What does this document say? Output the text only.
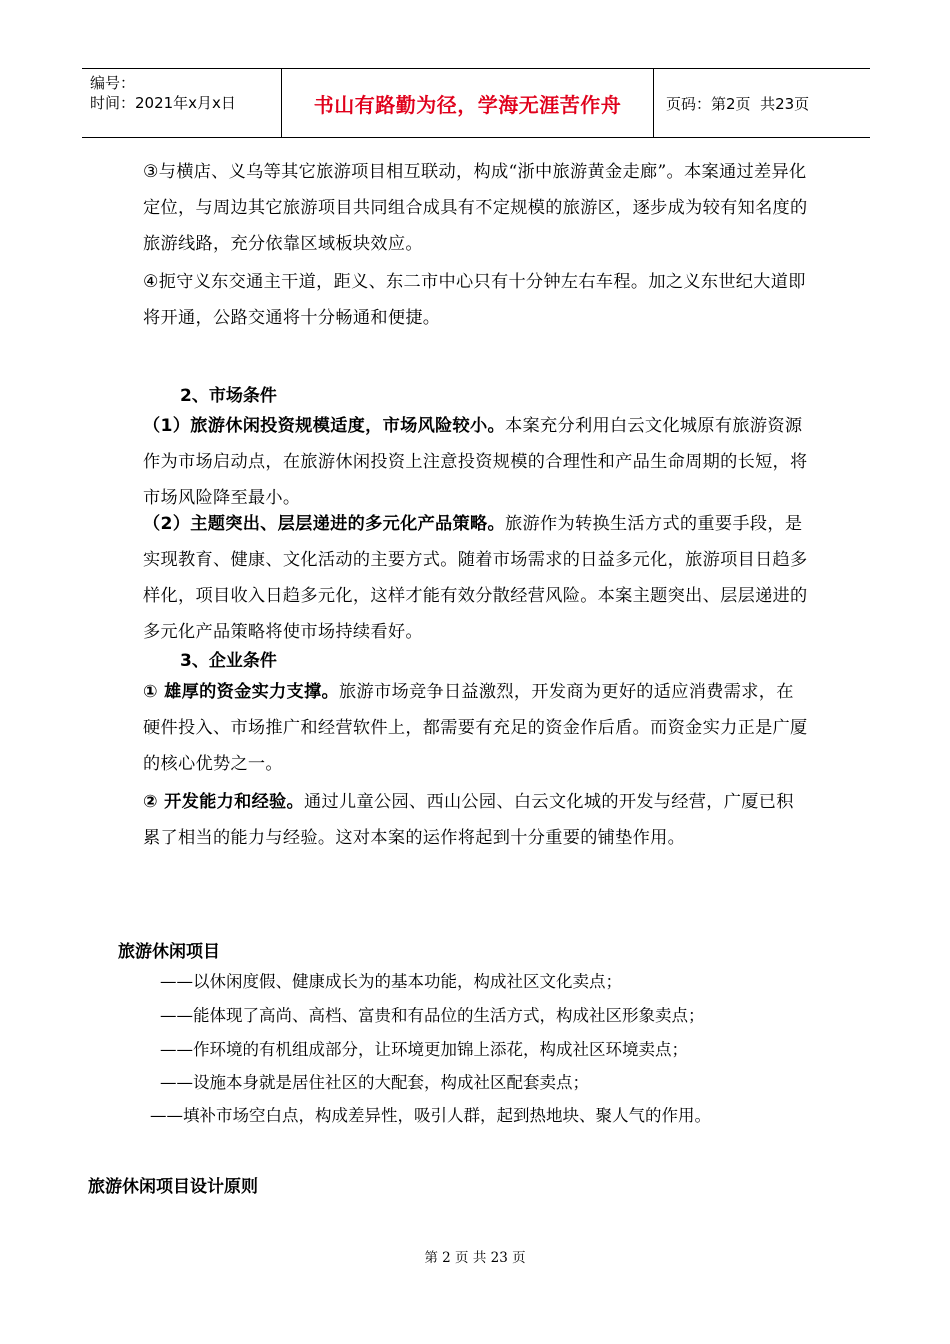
编号：
时间：2021年x月x日	书山有路勤为径，学海无涯苦作舟	页码：第2页  共23页

③与横店、义乌等其它旅游项目相互联动，构成“浙中旅游黄金走廊”。本案通过差异化定位，与周边其它旅游项目共同组合成具有不定规模的旅游区，逐步成为较有知名度的旅游线路，充分依靠区域板块效应。

④扼守义东交通主干道，距义、东二市中心只有十分钟左右车程。加之义东世纪大道即将开通，公路交通将十分畅通和便捷。

2、市场条件

（1）旅游休闲投资规模适度，市场风险较小。本案充分利用白云文化城原有旅游资源作为市场启动点，在旅游休闲投资上注意投资规模的合理性和产品生命周期的长短，将市场风险降至最小。

（2）主题突出、层层递进的多元化产品策略。旅游作为转换生活方式的重要手段，是实现教育、健康、文化活动的主要方式。随着市场需求的日益多元化，旅游项目日趋多样化，项目收入日趋多元化，这样才能有效分散经营风险。本案主题突出、层层递进的多元化产品策略将使市场持续看好。

3、企业条件

① 雄厚的资金实力支撑。旅游市场竞争日益激烈，开发商为更好的适应消费需求，在硬件投入、市场推广和经营软件上，都需要有充足的资金作后盾。而资金实力正是广厦的核心优势之一。

② 开发能力和经验。通过儿童公园、西山公园、白云文化城的开发与经营，广厦已积累了相当的能力与经验。这对本案的运作将起到十分重要的铺垫作用。

旅游休闲项目

——以休闲度假、健康成长为的基本功能，构成社区文化卖点；

——能体现了高尚、高档、富贵和有品位的生活方式，构成社区形象卖点；

——作环境的有机组成部分，让环境更加锦上添花，构成社区环境卖点；

——设施本身就是居住社区的大配套，构成社区配套卖点；

——填补市场空白点，构成差异性，吸引人群，起到热地块、聚人气的作用。

旅游休闲项目设计原则
第 2 页 共 23 页
